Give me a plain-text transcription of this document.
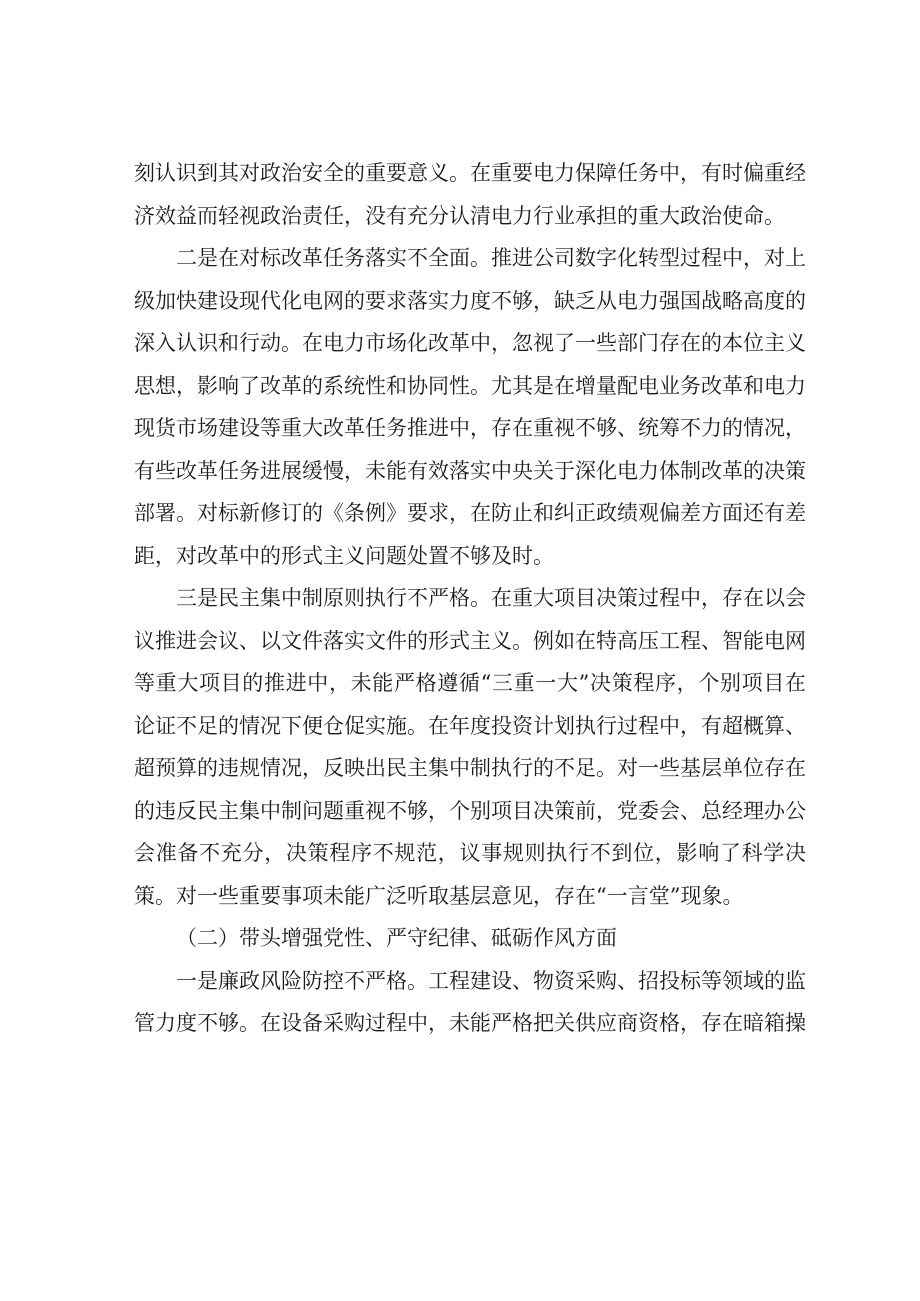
刻认识到其对政治安全的重要意义。在重要电力保障任务中，有时偏重经济效益而轻视政治责任，没有充分认清电力行业承担的重大政治使命。

二是在对标改革任务落实不全面。推进公司数字化转型过程中，对上级加快建设现代化电网的要求落实力度不够，缺乏从电力强国战略高度的深入认识和行动。在电力市场化改革中，忽视了一些部门存在的本位主义思想，影响了改革的系统性和协同性。尤其是在增量配电业务改革和电力现货市场建设等重大改革任务推进中，存在重视不够、统筹不力的情况，有些改革任务进展缓慢，未能有效落实中央关于深化电力体制改革的决策部署。对标新修订的《条例》要求，在防止和纠正政绩观偏差方面还有差距，对改革中的形式主义问题处置不够及时。

三是民主集中制原则执行不严格。在重大项目决策过程中，存在以会议推进会议、以文件落实文件的形式主义。例如在特高压工程、智能电网等重大项目的推进中，未能严格遵循“三重一大”决策程序，个别项目在论证不足的情况下便仓促实施。在年度投资计划执行过程中，有超概算、超预算的违规情况，反映出民主集中制执行的不足。对一些基层单位存在的违反民主集中制问题重视不够，个别项目决策前，党委会、总经理办公会准备不充分，决策程序不规范，议事规则执行不到位，影响了科学决策。对一些重要事项未能广泛听取基层意见，存在“一言堂”现象。

（二）带头增强党性、严守纪律、砥砺作风方面

一是廉政风险防控不严格。工程建设、物资采购、招投标等领域的监管力度不够。在设备采购过程中，未能严格把关供应商资格，存在暗箱操
